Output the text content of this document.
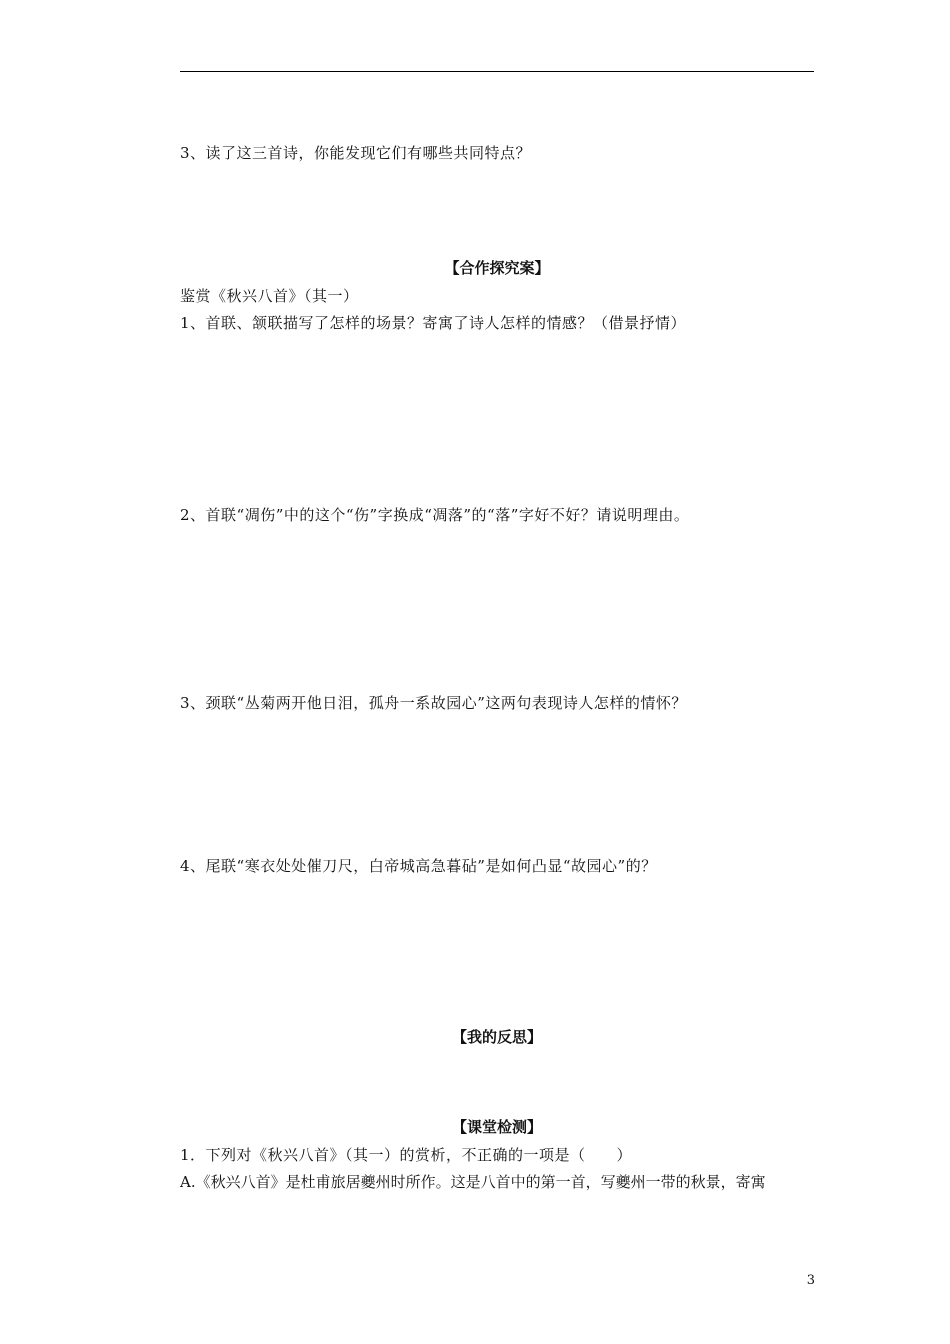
3、读了这三首诗，你能发现它们有哪些共同特点？
【合作探究案】
鉴赏《秋兴八首》（其一）
1、首联、颔联描写了怎样的场景？寄寓了诗人怎样的情感？（借景抒情）
2、首联“凋伤”中的这个“伤”字换成“凋落”的“落”字好不好？请说明理由。
3、颈联“丛菊两开他日泪，孤舟一系故园心”这两句表现诗人怎样的情怀？
4、尾联“寒衣处处催刀尺，白帝城高急暮砧”是如何凸显“故园心”的？
【我的反思】
【课堂检测】
1．下列对《秋兴八首》（其一）的赏析，不正确的一项是（　　）
A.《秋兴八首》是杜甫旅居夔州时所作。这是八首中的第一首，写夔州一带的秋景，寄寓
3
